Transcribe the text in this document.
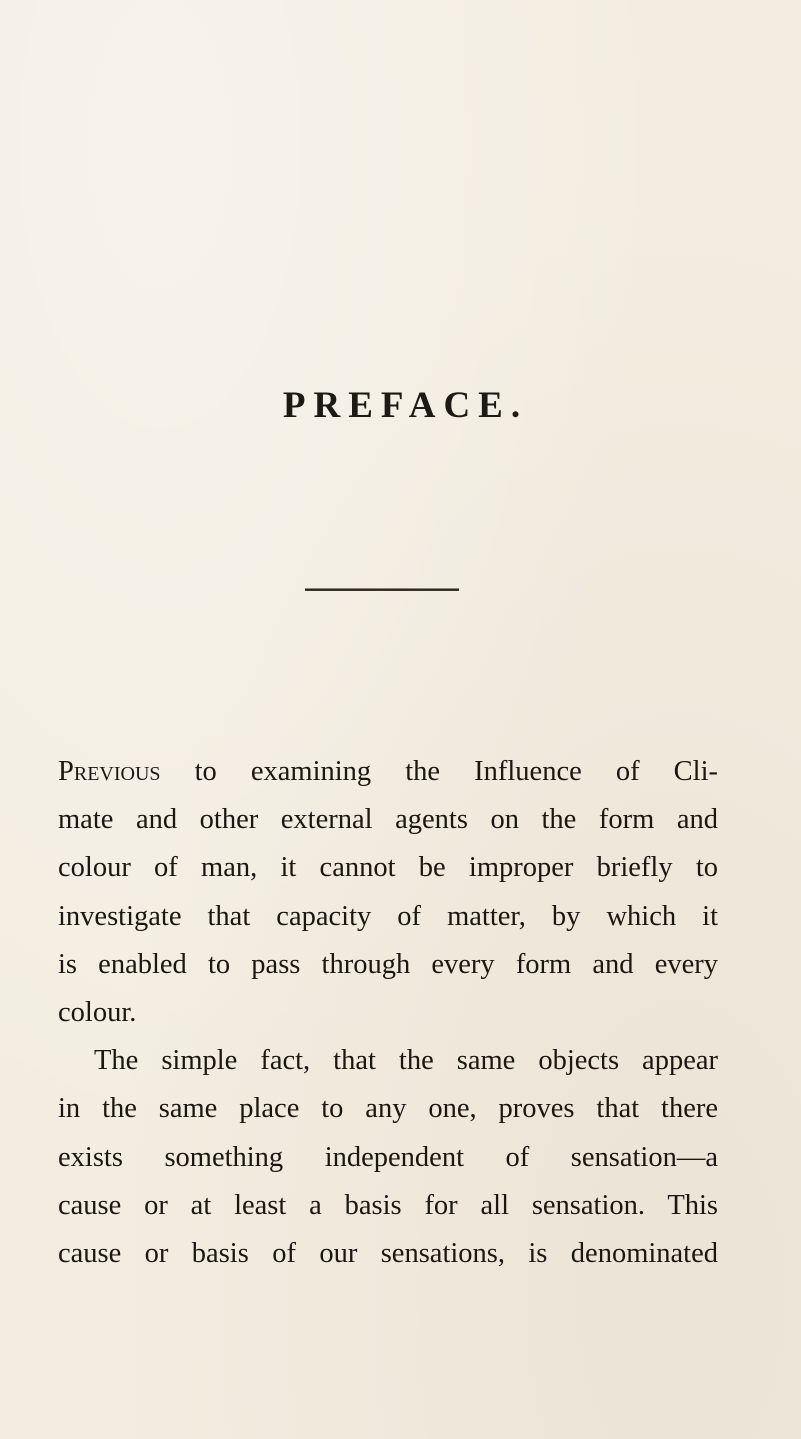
PREFACE.

Previous to examining the Influence of Cli-
mate and other external agents on the form and
colour of man, it cannot be improper briefly to
investigate that capacity of matter, by which it
is enabled to pass through every form and every
colour.

The simple fact, that the same objects appear
in the same place to any one, proves that there
exists something independent of sensation—a
cause or at least a basis for all sensation. This
cause or basis of our sensations, is denominated
